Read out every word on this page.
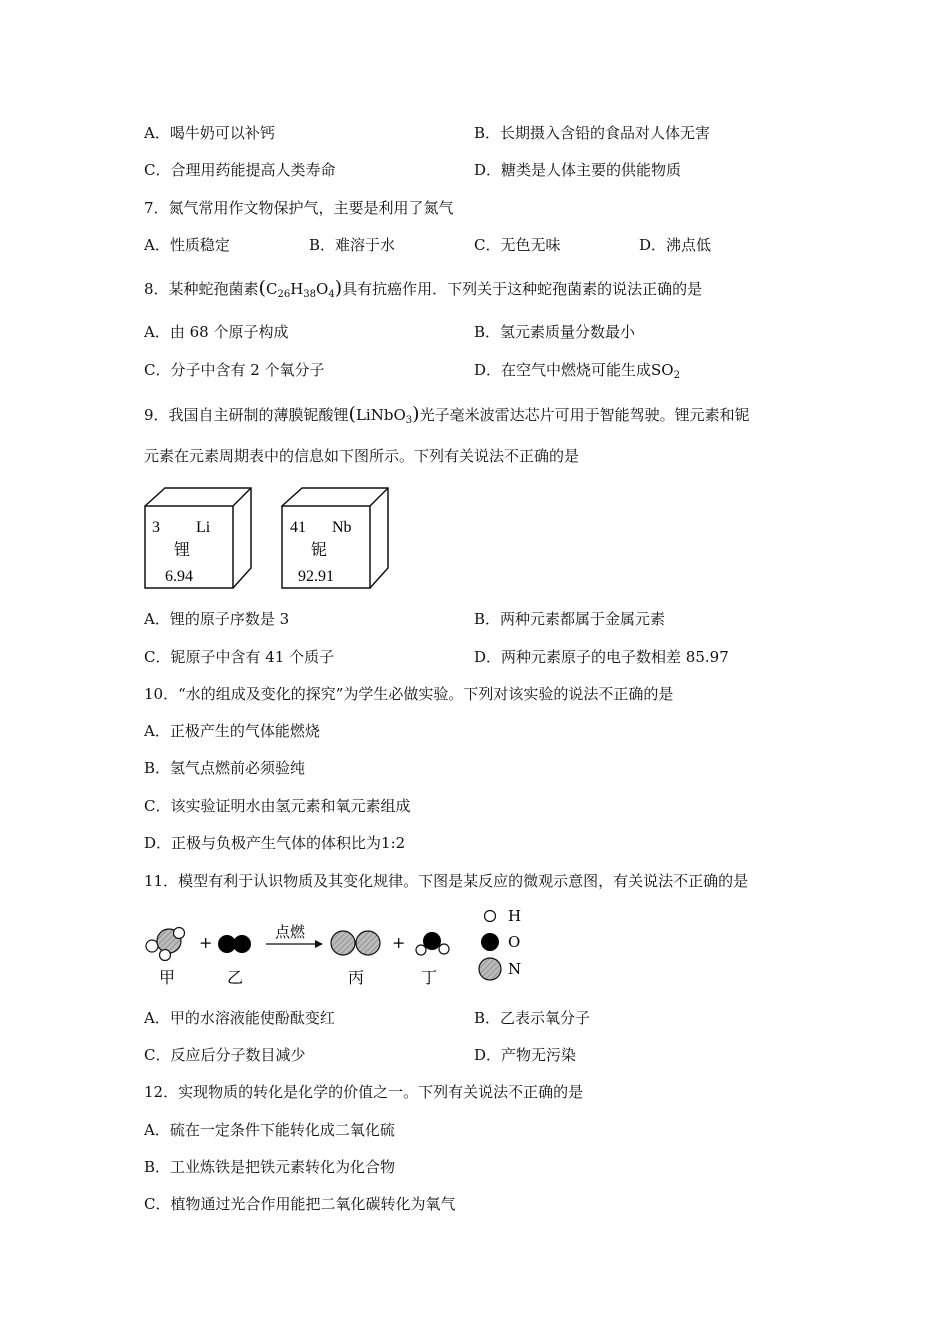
A．喝牛奶可以补钙	B．长期摄入含铅的食品对人体无害
C．合理用药能提高人类寿命	D．糖类是人体主要的供能物质
7．氮气常用作文物保护气，主要是利用了氮气
A．性质稳定	B．难溶于水	C．无色无味	D．沸点低
8．某种蛇孢菌素$(C_{26}H_{38}O_4)$具有抗癌作用．下列关于这种蛇孢菌素的说法正确的是
A．由 68 个原子构成	B．氢元素质量分数最小
C．分子中含有 2 个氧分子	D．在空气中燃烧可能生成$SO_2$
9．我国自主研制的薄膜铌酸锂(LiNbO$_3$)光子毫米波雷达芯片可用于智能驾驶。锂元素和铌
元素在元素周期表中的信息如下图所示。下列有关说法不正确的是
3 Li
锂
6.94
41 Nb
铌
92.91
A．锂的原子序数是 3	B．两种元素都属于金属元素
C．铌原子中含有 41 个质子	D．两种元素原子的电子数相差 85.97
10．“水的组成及变化的探究”为学生必做实验。下列对该实验的说法不正确的是
A．正极产生的气体能燃烧
B．氢气点燃前必须验纯
C．该实验证明水由氢元素和氧元素组成
D．正极与负极产生气体的体积比为1:2
11．模型有利于认识物质及其变化规律。下图是某反应的微观示意图，有关说法不正确的是
+
点燃
+
甲	乙	丙	丁
H
O
N
A．甲的水溶液能使酚酞变红	B．乙表示氧分子
C．反应后分子数目减少	D．产物无污染
12．实现物质的转化是化学的价值之一。下列有关说法不正确的是
A．硫在一定条件下能转化成二氧化硫
B．工业炼铁是把铁元素转化为化合物
C．植物通过光合作用能把二氧化碳转化为氧气
